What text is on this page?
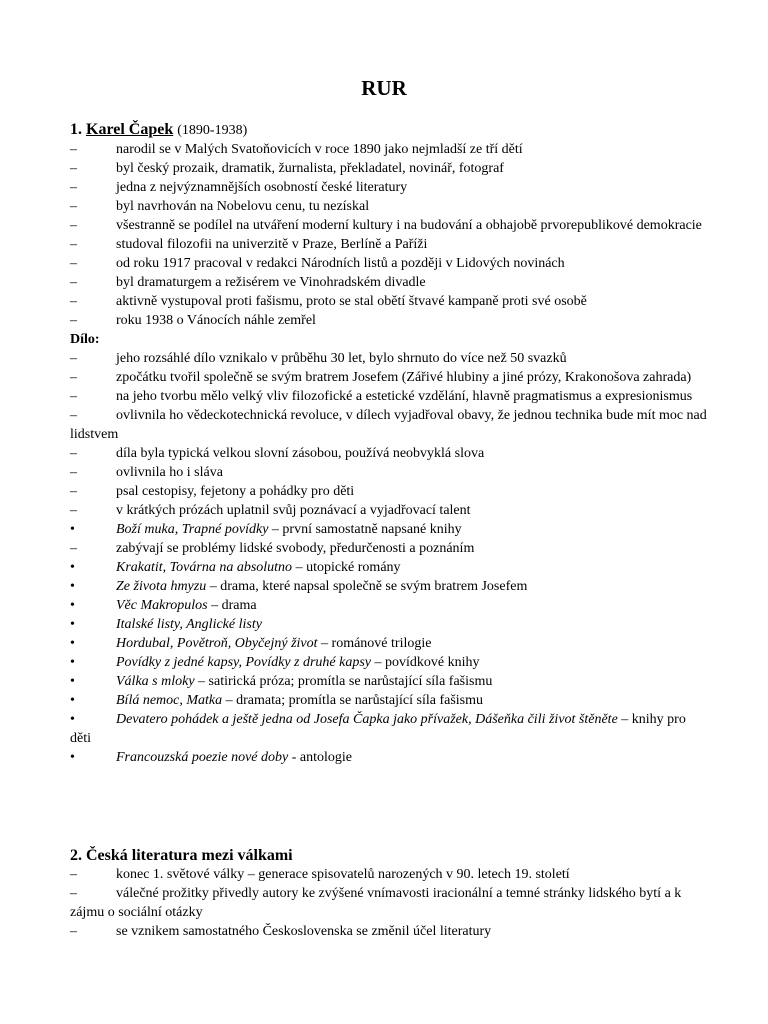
RUR
1. Karel Čapek (1890-1938)
–	narodil se v Malých Svatoňovicích v roce 1890 jako nejmladší ze tří dětí
–	byl český prozaik, dramatik, žurnalista, překladatel, novinář, fotograf
–	jedna z nejvýznamnějších osobností české literatury
–	byl navrhován na Nobelovu cenu, tu nezískal
–	všestranně se podílel na utváření moderní kultury i na budování a obhajobě prvorepublikové demokracie
–	studoval filozofii na univerzitě v Praze, Berlíně a Paříži
–	od roku 1917 pracoval v redakci Národních listů a později v Lidových novinách
–	byl dramaturgem a režisérem ve Vinohradském divadle
–	aktivně vystupoval proti fašismu, proto se stal obětí štvavé kampaně proti své osobě
–	roku 1938 o Vánocích náhle zemřel
Dílo:
–	jeho rozsáhlé dílo vznikalo v průběhu 30 let, bylo shrnuto do více než 50 svazků
–	zpočátku tvořil společně se svým bratrem Josefem (Zářivé hlubiny a jiné prózy, Krakonošova zahrada)
–	na jeho tvorbu mělo velký vliv filozofické a estetické vzdělání, hlavně pragmatismus a expresionismus
–	ovlivnila ho vědeckotechnická revoluce, v dílech vyjadřoval obavy, že jednou technika bude mít moc nad lidstvem
–	díla byla typická velkou slovní zásobou, používá neobvyklá slova
–	ovlivnila ho i sláva
–	psal cestopisy, fejetony a pohádky pro děti
–	v krátkých prózách uplatnil svůj poznávací a vyjadřovací talent
•	Boží muka, Trapné povídky – první samostatně napsané knihy
–	zabývají se problémy lidské svobody, předurčenosti a poznáním
•	Krakatit, Továrna na absolutno – utopické romány
•	Ze života hmyzu – drama, které napsal společně se svým bratrem Josefem
•	Věc Makropulos – drama
•	Italské listy, Anglické listy
•	Hordubal, Povětroň, Obyčejný život – románové trilogie
•	Povídky z jedné kapsy, Povídky z druhé kapsy – povídkové knihy
•	Válka s mloky – satirická próza; promítla se narůstající síla fašismu
•	Bílá nemoc, Matka – dramata; promítla se narůstající síla fašismu
•	Devatero pohádek a ještě jedna od Josefa Čapka jako přívažek, Dášeňka čili život štěněte – knihy pro děti
•	Francouzská poezie nové doby - antologie
2. Česká literatura mezi válkami
–	konec 1. světové války – generace spisovatelů narozených v 90. letech 19. století
–	válečné prožitky přivedly autory ke zvýšené vnímavosti iracionální a temné stránky lidského bytí a k zájmu o sociální otázky
–	se vznikem samostatného Československa se změnil účel literatury
